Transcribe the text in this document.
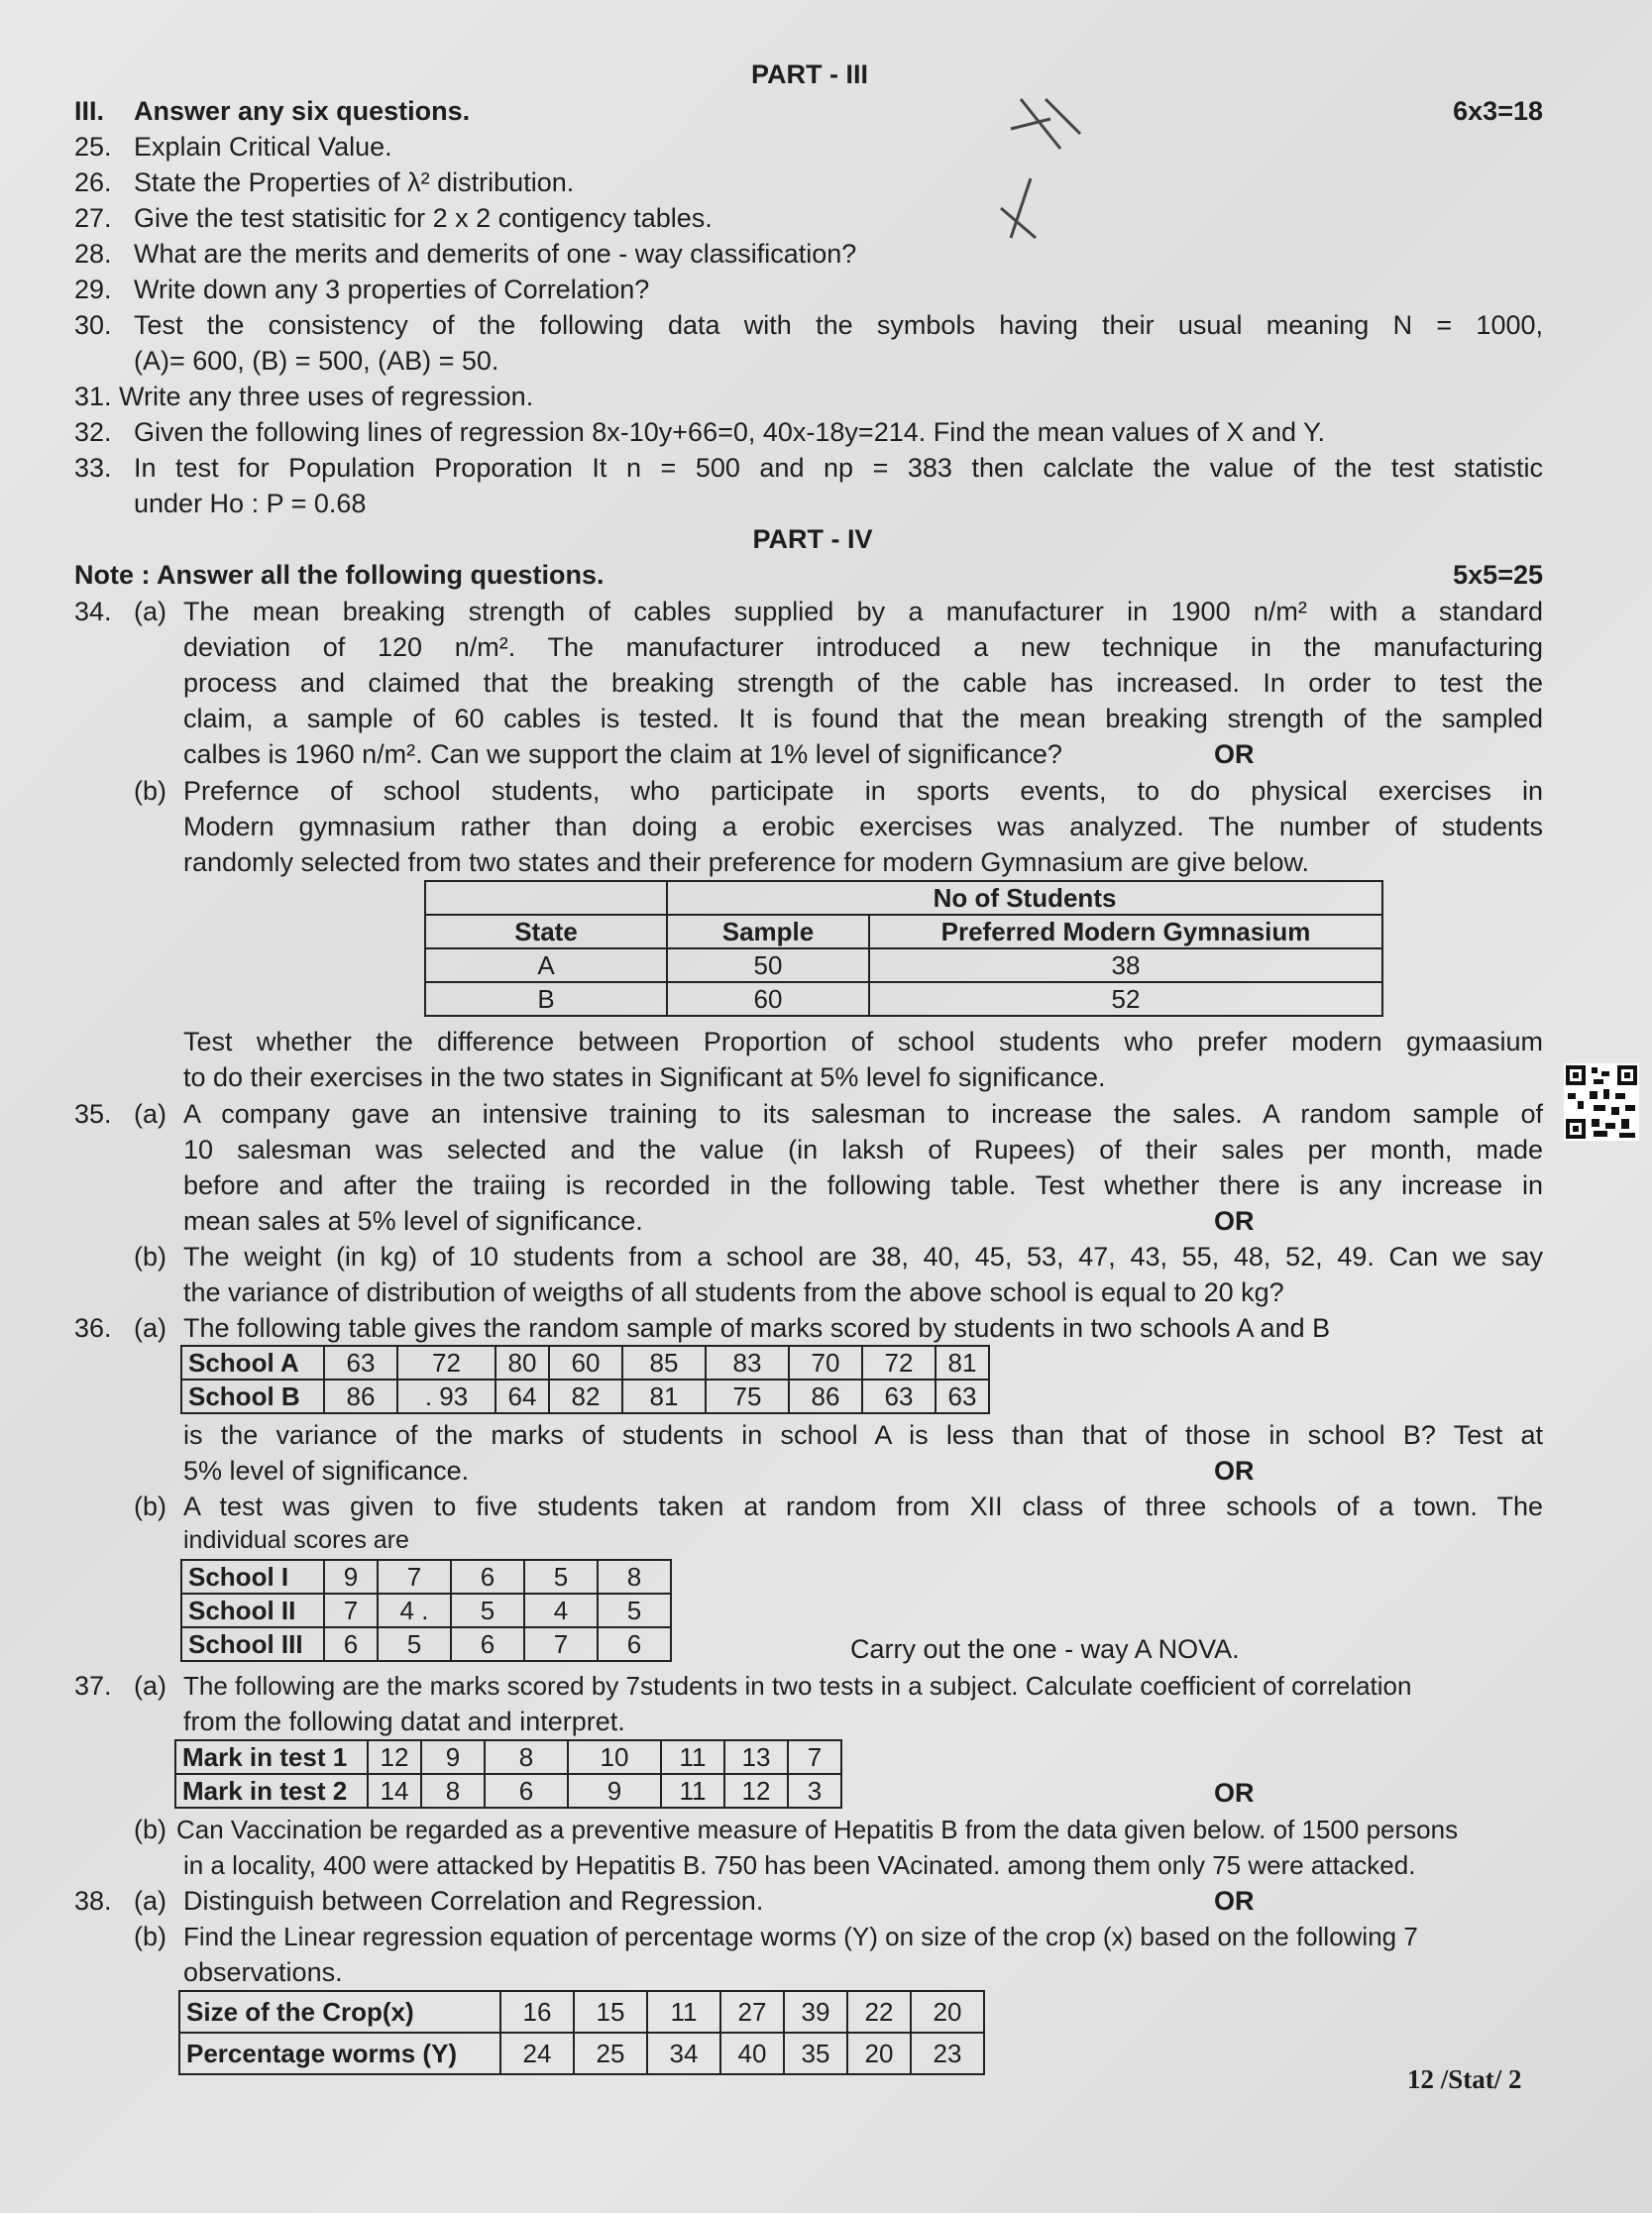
PART - III
III. Answer any six questions.	6x3=18
25. Explain Critical Value.
26. State the Properties of λ² distribution.
27. Give the test statisitic for 2 x 2 contigency tables.
28. What are the merits and demerits of one - way classification?
29. Write down any 3 properties of Correlation?
30. Test the consistency of the following data with the symbols having their usual meaning N = 1000,
(A)= 600, (B) = 500, (AB) = 50.
31. Write any three uses of regression.
32. Given the following lines of regression 8x-10y+66=0, 40x-18y=214. Find the mean values of X and Y.
33. In test for Population Proporation It n = 500 and np = 383 then calclate the value of the test statistic
under Ho : P = 0.68
PART - IV
Note : Answer all the following questions.	5x5=25
34. (a) The mean breaking strength of cables supplied by a manufacturer in 1900 n/m² with a standard
deviation of 120 n/m². The manufacturer introduced a new technique in the manufacturing
process and claimed that the breaking strength of the cable has increased. In order to test the
claim, a sample of 60 cables is tested. It is found that the mean breaking strength of the sampled
calbes is 1960 n/m². Can we support the claim at 1% level of significance?	OR
(b) Prefernce of school students, who participate in sports events, to do physical exercises in
Modern gymnasium rather than doing a erobic exercises was analyzed. The number of students
randomly selected from two states and their preference for modern Gymnasium are give below.
	No of Students	
State	Sample	Preferred Modern Gymnasium
A	50	38
B	60	52
Test whether the difference between Proportion of school students who prefer modern gymaasium
to do their exercises in the two states in Significant at 5% level fo significance.
35. (a) A company gave an intensive training to its salesman to increase the sales. A random sample of
10 salesman was selected and the value (in laksh of Rupees) of their sales per month, made
before and after the traiing is recorded in the following table. Test whether there is any increase in
mean sales at 5% level of significance.	OR
(b) The weight (in kg) of 10 students from a school are 38, 40, 45, 53, 47, 43, 55, 48, 52, 49. Can we say
the variance of distribution of weigths of all students from the above school is equal to 20 kg?
36. (a) The following table gives the random sample of marks scored by students in two schools A and B
School A	63	72	80	60	85	83	70	72	81
School B	86	. 93	64	82	81	75	86	63	63
is the variance of the marks of students in school A is less than that of those in school B? Test at
5% level of significance.	OR
(b) A test was given to five students taken at random from XII class of three schools of a town. The
individual scores are
School I	9	7	6	5	8
School II	7	4 .	5	4	5
School III	6	5	6	7	6	Carry out the one - way A NOVA.
37. (a) The following are the marks scored by 7students in two tests in a subject. Calculate coefficient of correlation
from the following datat and interpret.
Mark in test 1	12	9	8	10	11	13	7
Mark in test 2	14	8	6	9	11	12	3	OR
(b) Can Vaccination be regarded as a preventive measure of Hepatitis B from the data given below. of 1500 persons
in a locality, 400 were attacked by Hepatitis B. 750 has been VAcinated. among them only 75 were attacked.
38. (a) Distinguish between Correlation and Regression.	OR
(b) Find the Linear regression equation of percentage worms (Y) on size of the crop (x) based on the following 7
observations.
Size of the Crop(x)	16	15	11	27	39	22	20
Percentage worms (Y)	24	25	34	40	35	20	23
12 /Stat/ 2
